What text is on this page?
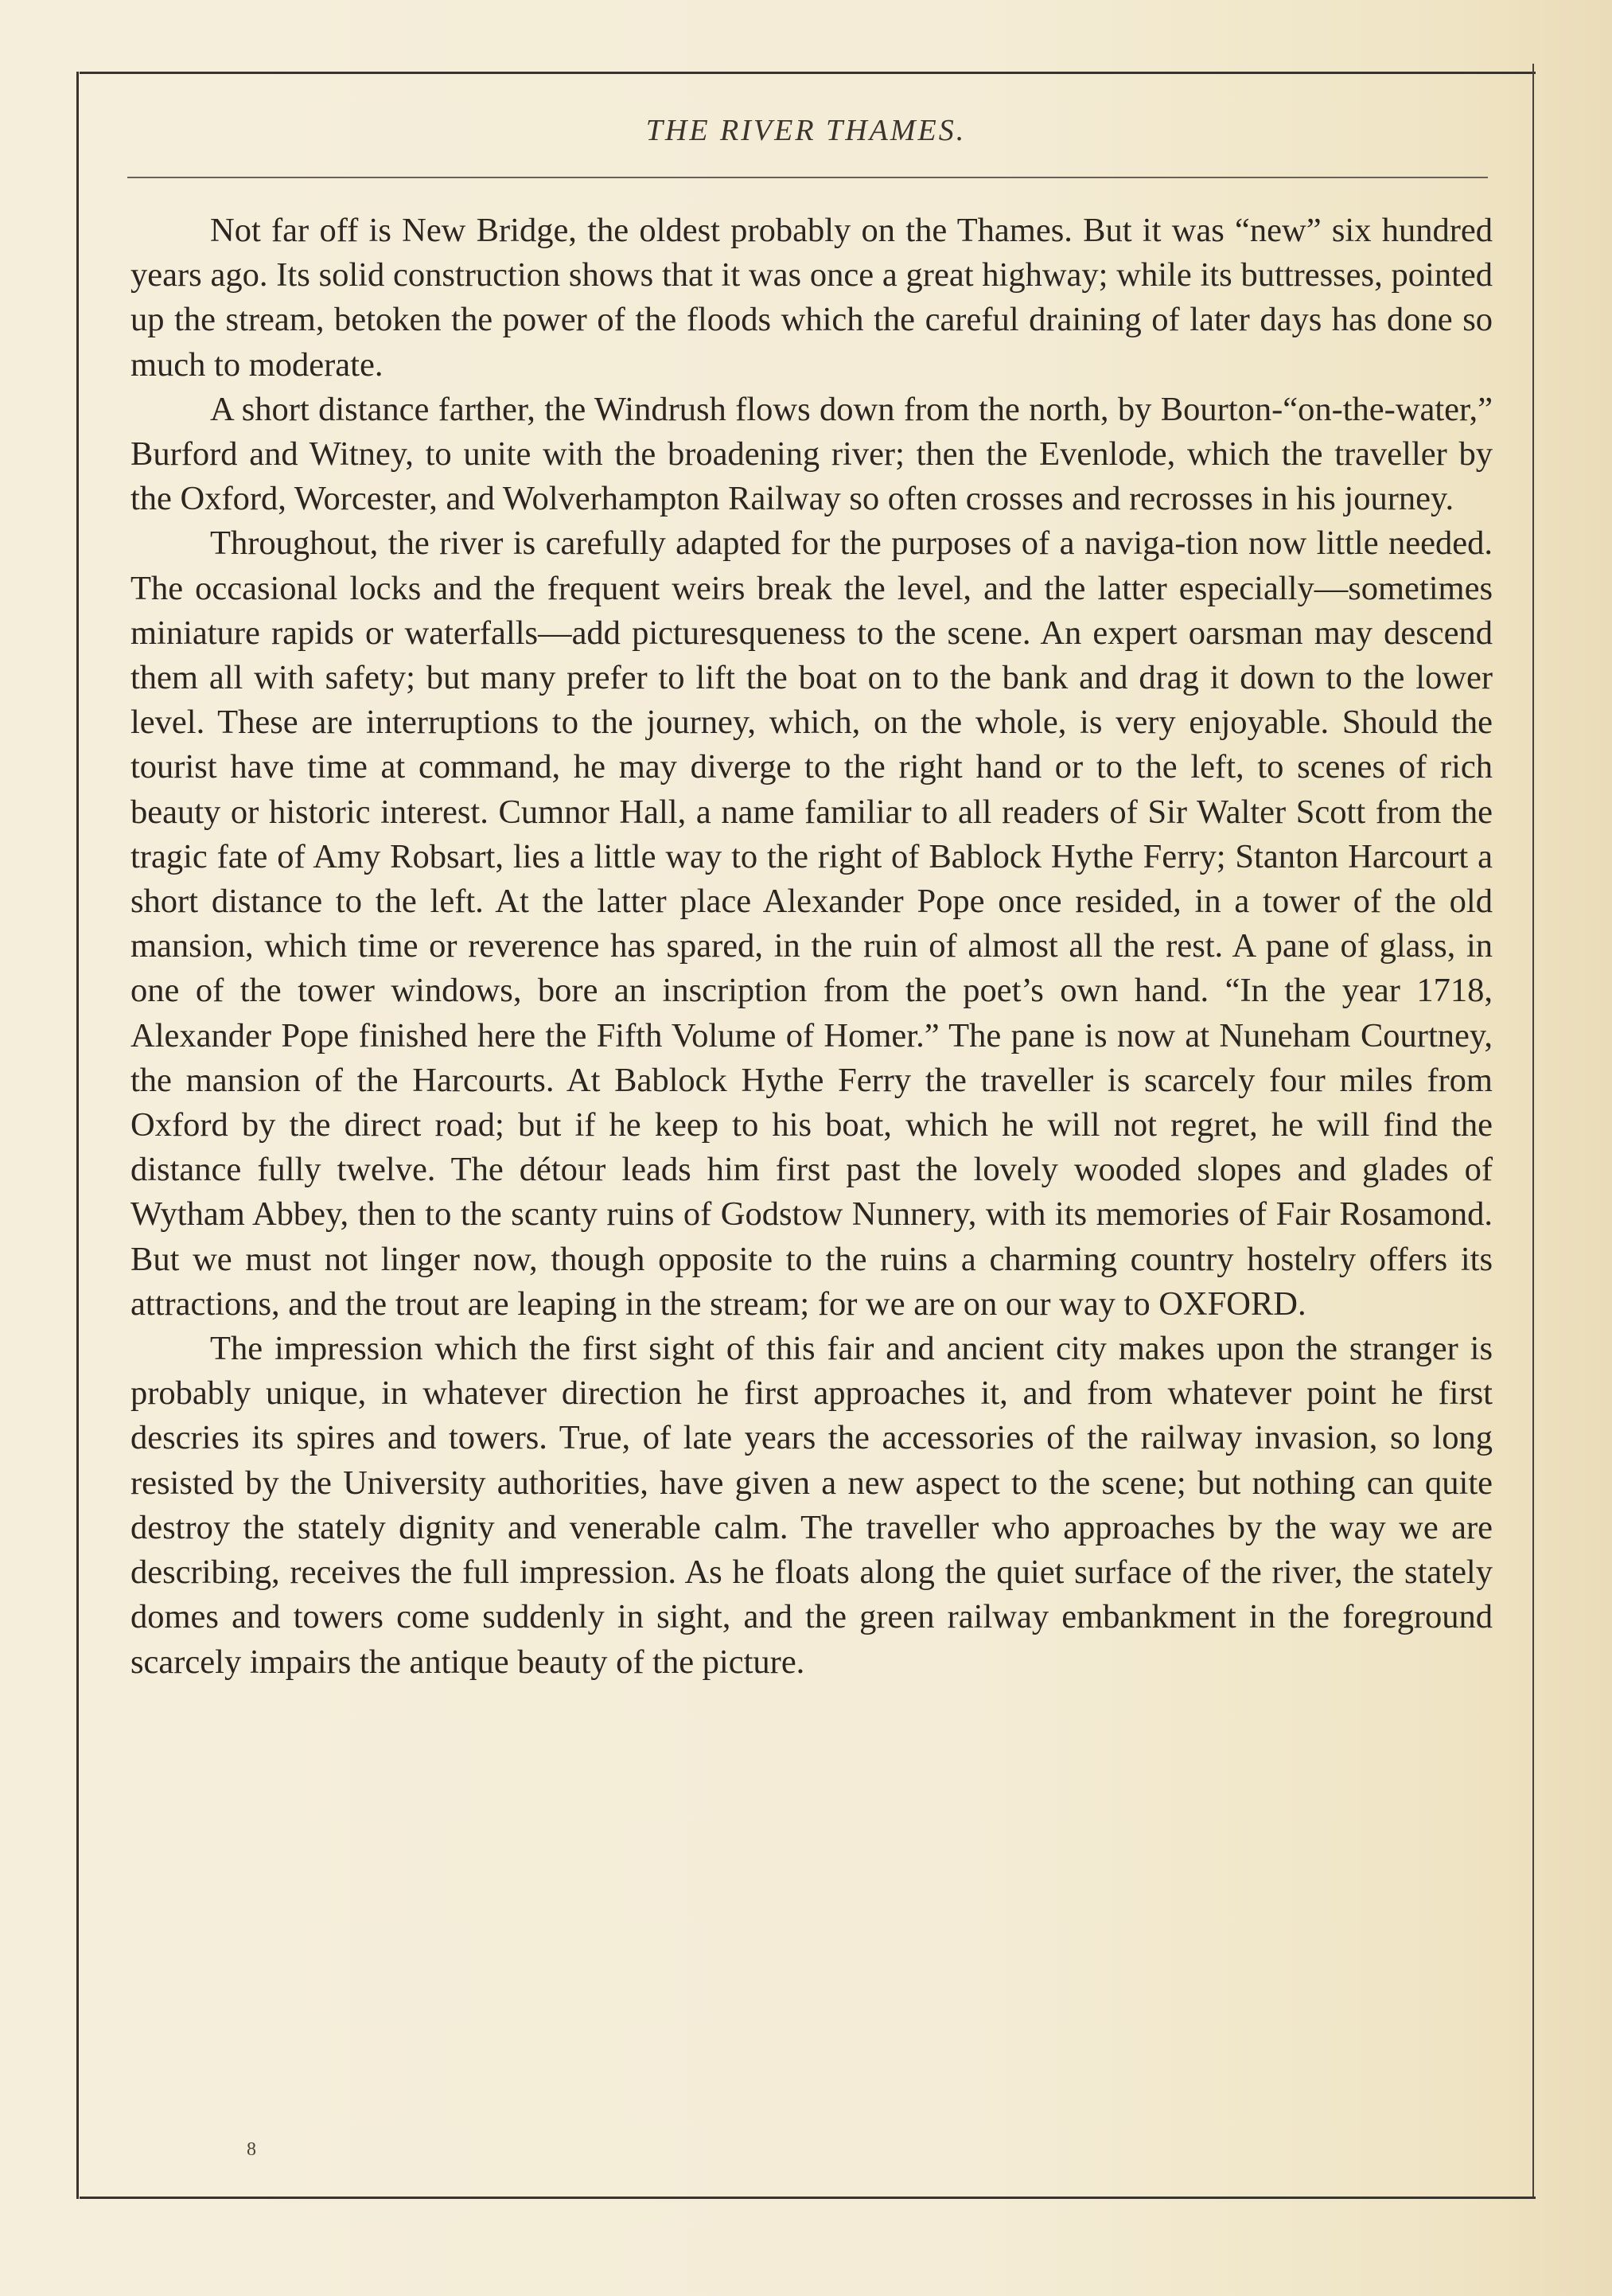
THE RIVER THAMES.

Not far off is New Bridge, the oldest probably on the Thames. But it was “new” six hundred years ago. Its solid construction shows that it was once a great highway; while its buttresses, pointed up the stream, betoken the power of the floods which the careful draining of later days has done so much to moderate.

A short distance farther, the Windrush flows down from the north, by Bourton-“on-the-water,” Burford and Witney, to unite with the broadening river; then the Evenlode, which the traveller by the Oxford, Worcester, and Wolverhampton Railway so often crosses and recrosses in his journey.

Throughout, the river is carefully adapted for the purposes of a naviga-tion now little needed. The occasional locks and the frequent weirs break the level, and the latter especially—sometimes miniature rapids or waterfalls—add picturesqueness to the scene. An expert oarsman may descend them all with safety; but many prefer to lift the boat on to the bank and drag it down to the lower level. These are interruptions to the journey, which, on the whole, is very enjoyable. Should the tourist have time at command, he may diverge to the right hand or to the left, to scenes of rich beauty or historic interest. Cumnor Hall, a name familiar to all readers of Sir Walter Scott from the tragic fate of Amy Robsart, lies a little way to the right of Bablock Hythe Ferry; Stanton Harcourt a short distance to the left. At the latter place Alexander Pope once resided, in a tower of the old mansion, which time or reverence has spared, in the ruin of almost all the rest. A pane of glass, in one of the tower windows, bore an inscription from the poet’s own hand. “In the year 1718, Alexander Pope finished here the Fifth Volume of Homer.” The pane is now at Nuneham Courtney, the mansion of the Harcourts. At Bablock Hythe Ferry the traveller is scarcely four miles from Oxford by the direct road; but if he keep to his boat, which he will not regret, he will find the distance fully twelve. The détour leads him first past the lovely wooded slopes and glades of Wytham Abbey, then to the scanty ruins of Godstow Nunnery, with its memories of Fair Rosamond. But we must not linger now, though opposite to the ruins a charming country hostelry offers its attractions, and the trout are leaping in the stream; for we are on our way to OXFORD.

The impression which the first sight of this fair and ancient city makes upon the stranger is probably unique, in whatever direction he first approaches it, and from whatever point he first descries its spires and towers. True, of late years the accessories of the railway invasion, so long resisted by the University authorities, have given a new aspect to the scene; but nothing can quite destroy the stately dignity and venerable calm. The traveller who approaches by the way we are describing, receives the full impression. As he floats along the quiet surface of the river, the stately domes and towers come suddenly in sight, and the green railway embankment in the foreground scarcely impairs the antique beauty of the picture.

8
